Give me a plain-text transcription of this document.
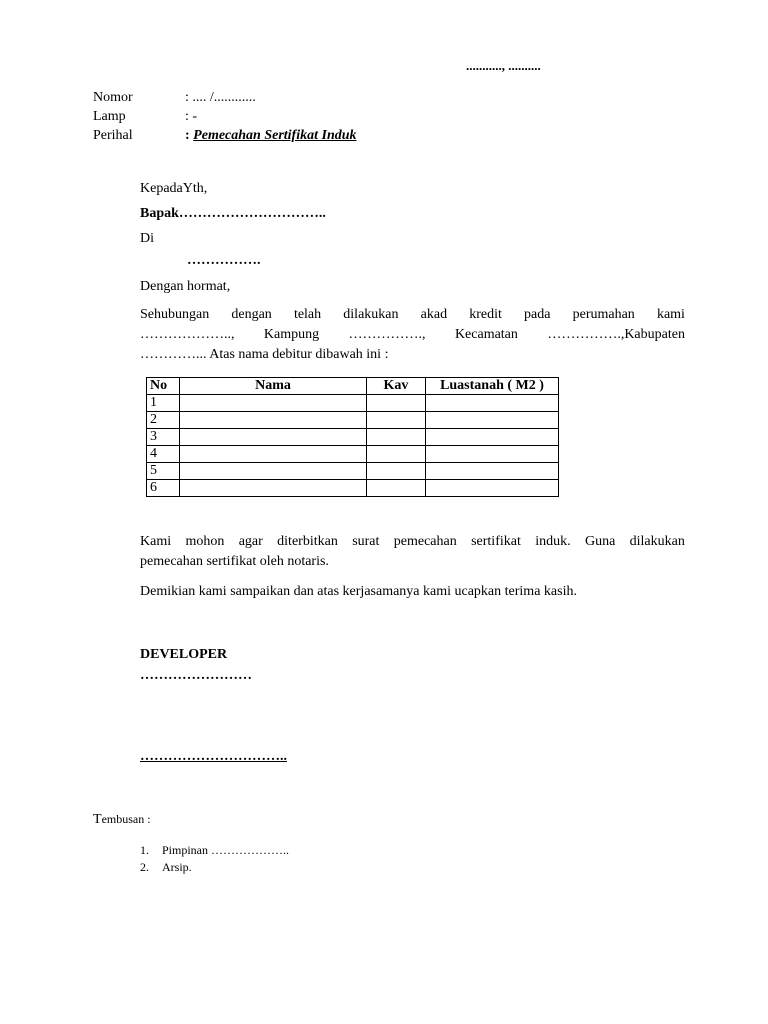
..........., ..........
Nomor	: .... /............
Lamp	: -
Perihal	: Pemecahan Sertifikat Induk
KepadaYth,
Bapak…………………………..
Di
…………….
Dengan hormat,
Sehubungan dengan telah dilakukan akad kredit pada perumahan kami
……………….., Kampung ……………., Kecamatan …………….,Kabupaten
…………... Atas nama debitur dibawah ini :
No	Nama	Kav	Luastanah ( M2 )
1			
2			
3			
4			
5			
6			
Kami mohon agar diterbitkan surat pemecahan sertifikat induk. Guna dilakukan
pemecahan sertifikat oleh notaris.
Demikian kami sampaikan dan atas kerjasamanya kami ucapkan terima kasih.
DEVELOPER
……………………
…………………………..
Tembusan :
1. Pimpinan ………………..
2. Arsip.
